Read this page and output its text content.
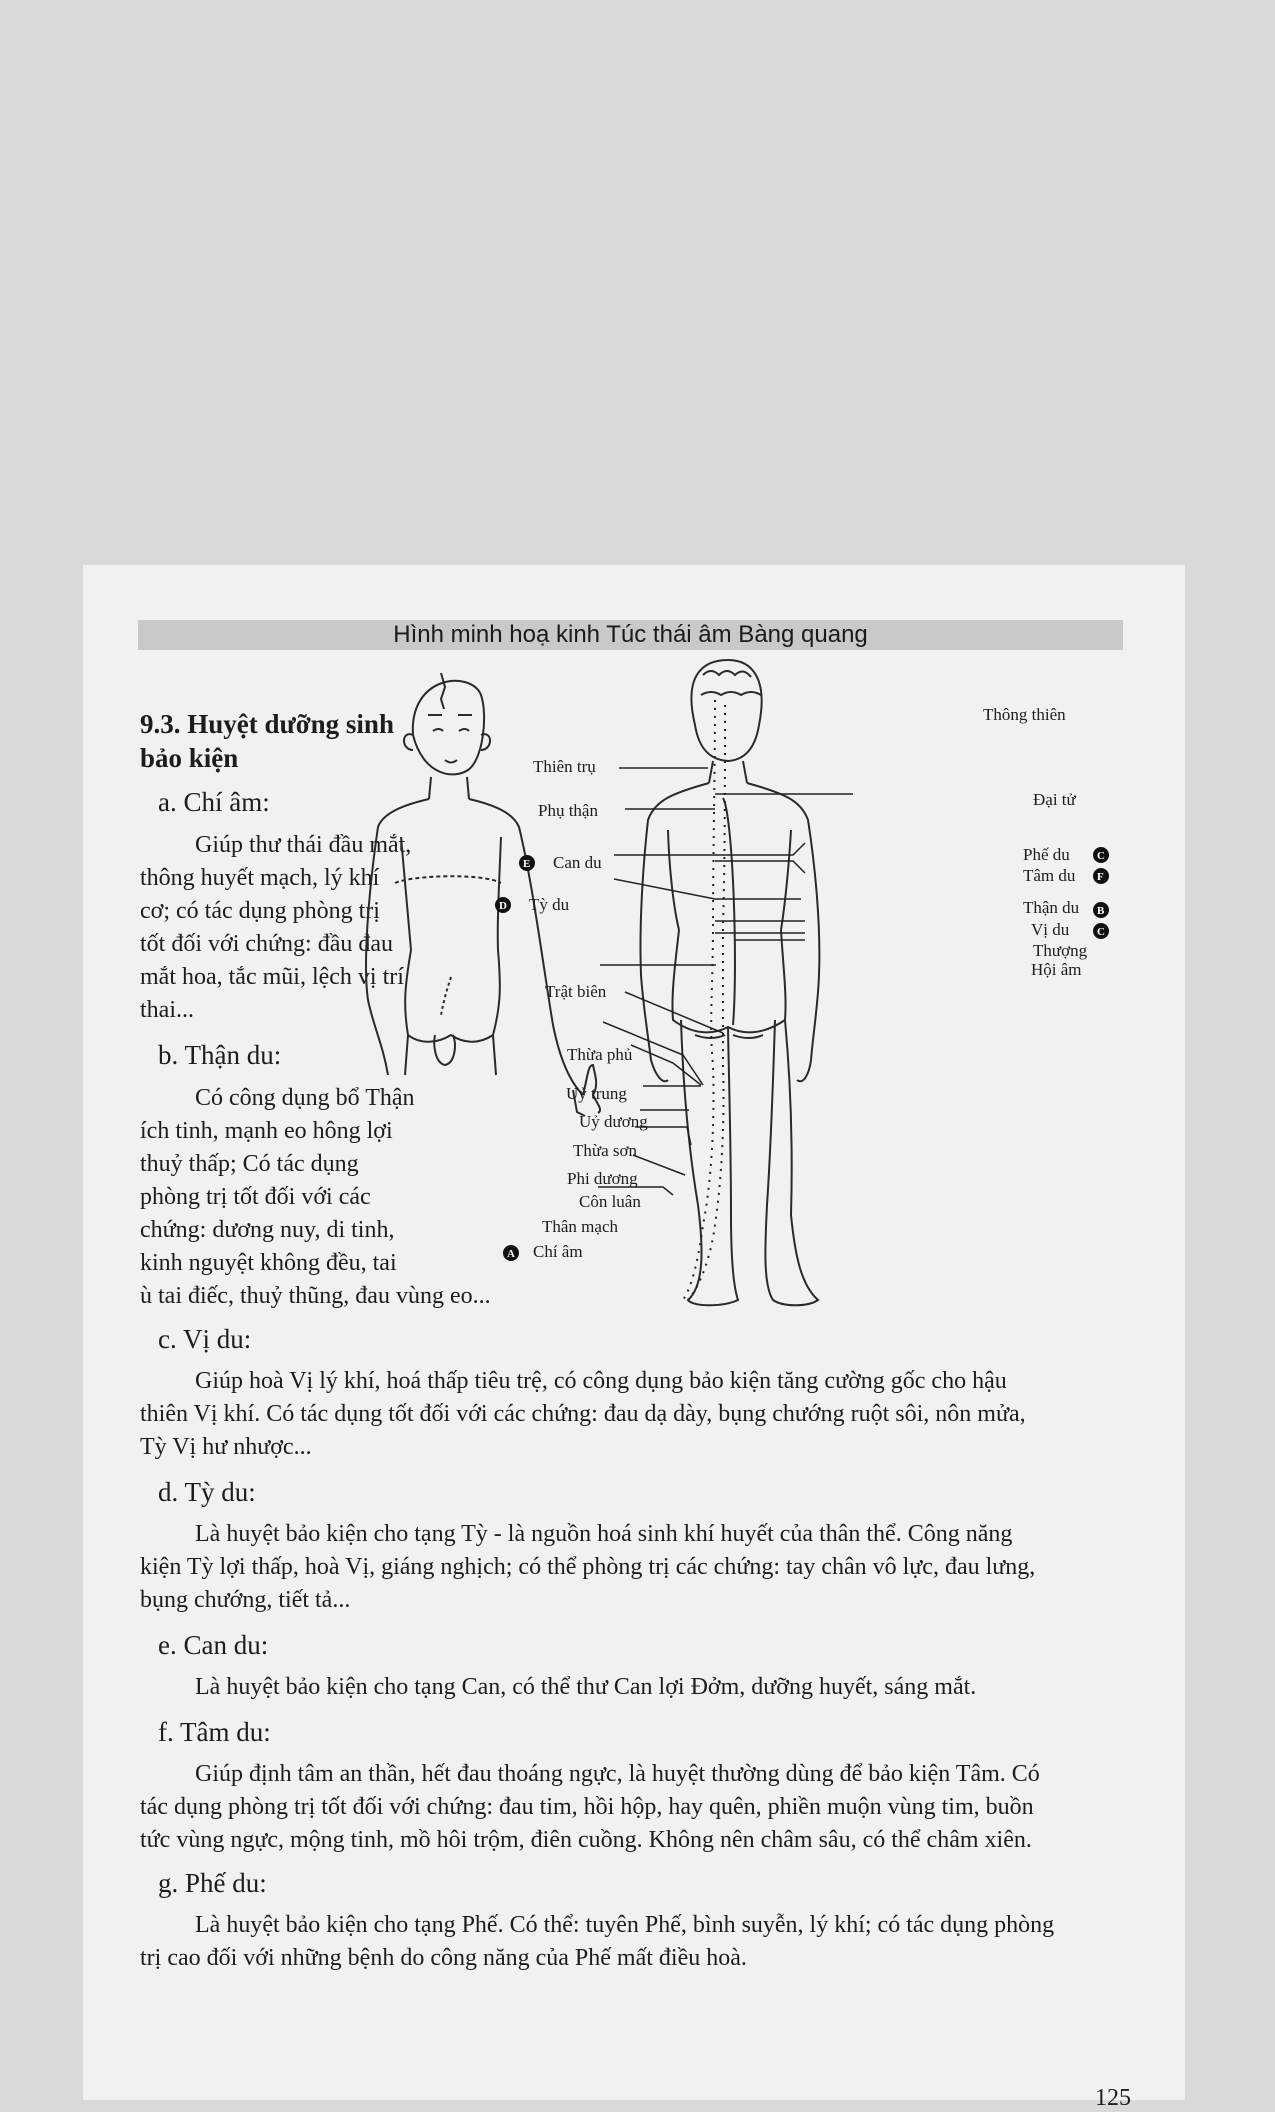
Hình minh hoạ kinh Túc thái âm Bàng quang

9.3. Huyệt dưỡng sinh

bảo kiện

a. Chí âm:

Giúp thư thái đầu mắt,

thông huyết mạch, lý khí

cơ; có tác dụng phòng trị

tốt đối với chứng: đầu đau

mắt hoa, tắc mũi, lệch vị trí

thai...

b. Thận du:

Có công dụng bổ Thận

ích tinh, mạnh eo hông lợi

thuỷ thấp; Có tác dụng

phòng trị tốt đối với các

chứng: dương nuy, di tinh,

kinh nguyệt không đều, tai

ù tai điếc, thuỷ thũng, đau vùng eo...

c. Vị du:

Giúp hoà Vị lý khí, hoá thấp tiêu trệ, có công dụng bảo kiện tăng cường gốc cho hậu

thiên Vị khí. Có tác dụng tốt đối với các chứng: đau dạ dày, bụng chướng ruột sôi, nôn mửa,

Tỳ Vị hư nhược...

d. Tỳ du:

Là huyệt bảo kiện cho tạng Tỳ - là nguồn hoá sinh khí huyết của thân thể. Công năng

kiện Tỳ lợi thấp, hoà Vị, giáng nghịch; có thể phòng trị các chứng: tay chân vô lực, đau lưng,

bụng chướng, tiết tả...

e. Can du:

Là huyệt bảo kiện cho tạng Can, có thể thư Can lợi Đởm, dưỡng huyết, sáng mắt.

f. Tâm du:

Giúp định tâm an thần, hết đau thoáng ngực, là huyệt thường dùng để bảo kiện Tâm. Có

tác dụng phòng trị tốt đối với chứng: đau tim, hồi hộp, hay quên, phiền muộn vùng tim, buồn

tức vùng ngực, mộng tinh, mồ hôi trộm, điên cuồng. Không nên châm sâu, có thể châm xiên.

g. Phế du:

Là huyệt bảo kiện cho tạng Phế. Có thể: tuyên Phế, bình suyễn, lý khí; có tác dụng phòng

trị cao đối với những bệnh do công năng của Phế mất điều hoà.

125
Thông thiên
Thiên trụ
Phụ thận
Đại tử
Can du	Phế du
Tâm du
Tỳ du	Thận du
Vị du
Thượng
Hội âm
Trật biên
Thừa phủ
Uỷ trung
Uỷ dương
Thừa sơn
Phi dương
Côn luân
Thân mạch
Chí âm
E
D
A
C
F
B
C
